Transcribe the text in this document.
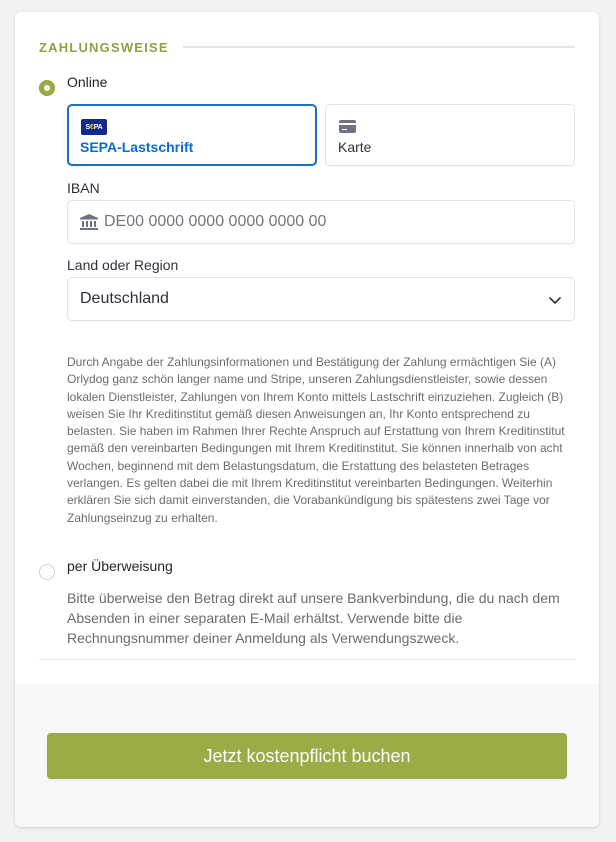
ZAHLUNGSWEISE
Online
S € PA
SEPA-Lastschrift	Karte
IBAN
DE00 0000 0000 0000 0000 00
Land oder Region
Deutschland

Durch Angabe der Zahlungsinformationen und Bestätigung der Zahlung ermächtigen Sie (A) Orlydog ganz schön langer name und Stripe, unseren Zahlungsdienstleister, sowie dessen lokalen Dienstleister, Zahlungen von Ihrem Konto mittels Lastschrift einzuziehen. Zugleich (B) weisen Sie Ihr Kreditinstitut gemäß diesen Anweisungen an, Ihr Konto entsprechend zu belasten. Sie haben im Rahmen Ihrer Rechte Anspruch auf Erstattung von Ihrem Kreditinstitut gemäß den vereinbarten Bedingungen mit Ihrem Kreditinstitut. Sie können innerhalb von acht Wochen, beginnend mit dem Belastungsdatum, die Erstattung des belasteten Betrages verlangen. Es gelten dabei die mit Ihrem Kreditinstitut vereinbarten Bedingungen. Weiterhin erklären Sie sich damit einverstanden, die Vorabankündigung bis spätestens zwei Tage vor Zahlungseinzug zu erhalten.

per Überweisung

Bitte überweise den Betrag direkt auf unsere Bankverbindung, die du nach dem Absenden in einer separaten E-Mail erhältst. Verwende bitte die Rechnungsnummer deiner Anmeldung als Verwendungszweck.

Jetzt kostenpflicht buchen
